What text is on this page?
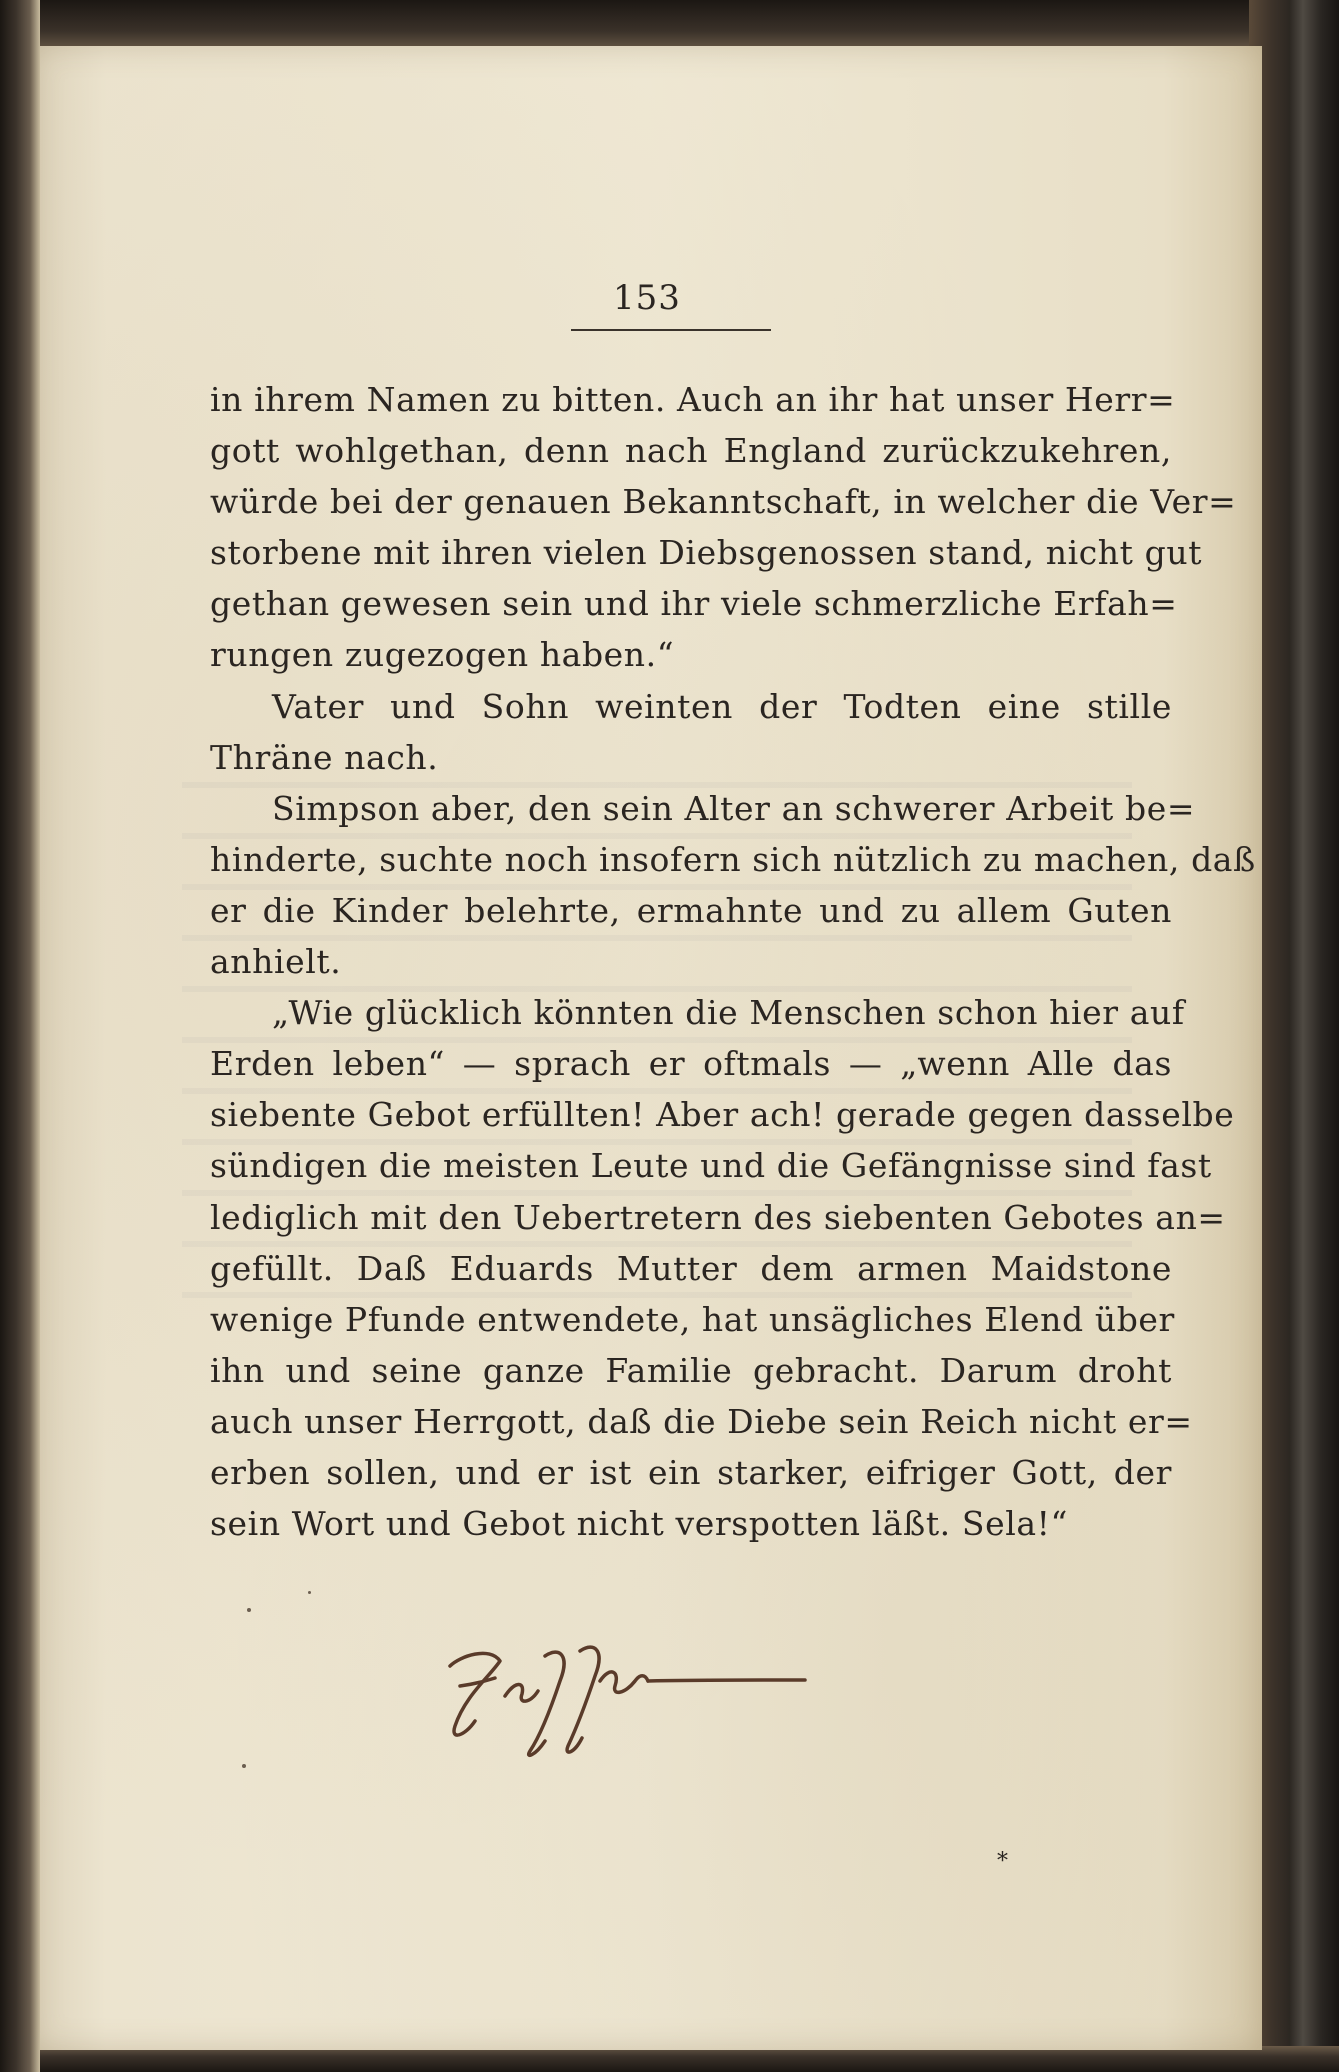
153
in ihrem Namen zu bitten. Auch an ihr hat unser Herr=
gott wohlgethan, denn nach England zurückzukehren,
würde bei der genauen Bekanntschaft, in welcher die Ver=
storbene mit ihren vielen Diebsgenossen stand, nicht gut
gethan gewesen sein und ihr viele schmerzliche Erfah=
rungen zugezogen haben.“
Vater und Sohn weinten der Todten eine stille
Thräne nach.
Simpson aber, den sein Alter an schwerer Arbeit be=
hinderte, suchte noch insofern sich nützlich zu machen, daß
er die Kinder belehrte, ermahnte und zu allem Guten
anhielt.
„Wie glücklich könnten die Menschen schon hier auf
Erden leben“ — sprach er oftmals — „wenn Alle das
siebente Gebot erfüllten! Aber ach! gerade gegen dasselbe
sündigen die meisten Leute und die Gefängnisse sind fast
lediglich mit den Uebertretern des siebenten Gebotes an=
gefüllt. Daß Eduards Mutter dem armen Maidstone
wenige Pfunde entwendete, hat unsägliches Elend über
ihn und seine ganze Familie gebracht. Darum droht
auch unser Herrgott, daß die Diebe sein Reich nicht er=
erben sollen, und er ist ein starker, eifriger Gott, der
sein Wort und Gebot nicht verspotten läßt. Sela!“
*
